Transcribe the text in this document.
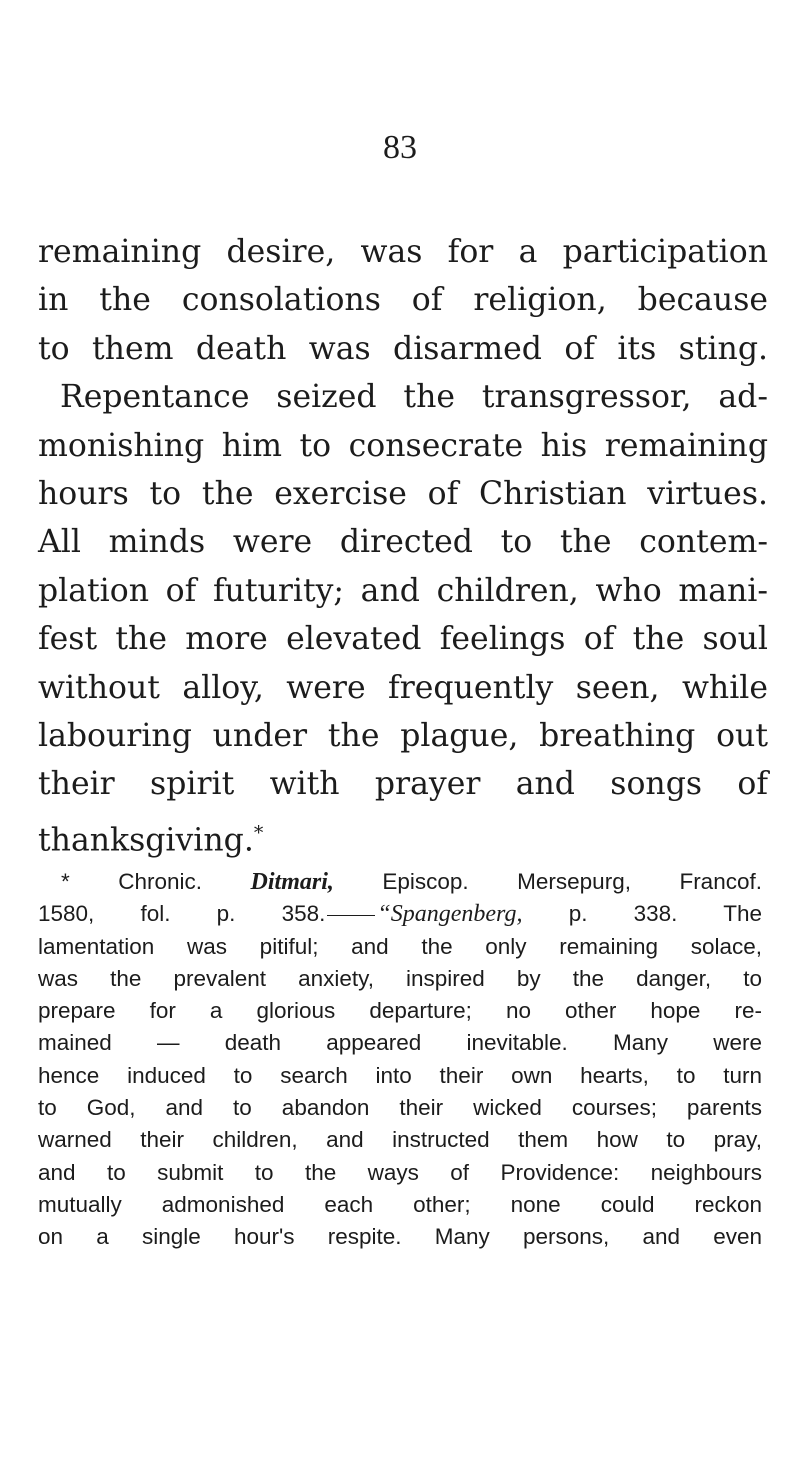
83
remaining desire, was for a participation
in the consolations of religion, because
to them death was disarmed of its sting.
Repentance seized the transgressor, ad-
monishing him to consecrate his remaining
hours to the exercise of Christian virtues.
All minds were directed to the contem-
plation of futurity; and children, who mani-
fest the more elevated feelings of the soul
without alloy, were frequently seen, while
labouring under the plague, breathing out
their spirit with prayer and songs of
thanksgiving.*
* Chronic. Ditmari, Episcop. Mersepurg, Francof.
1580, fol. p. 358. “Spangenberg, p. 338. The
lamentation was pitiful; and the only remaining solace,
was the prevalent anxiety, inspired by the danger, to
prepare for a glorious departure; no other hope re-
mained — death appeared inevitable. Many were
hence induced to search into their own hearts, to turn
to God, and to abandon their wicked courses; parents
warned their children, and instructed them how to pray,
and to submit to the ways of Providence: neighbours
mutually admonished each other; none could reckon
on a single hour's respite. Many persons, and even
